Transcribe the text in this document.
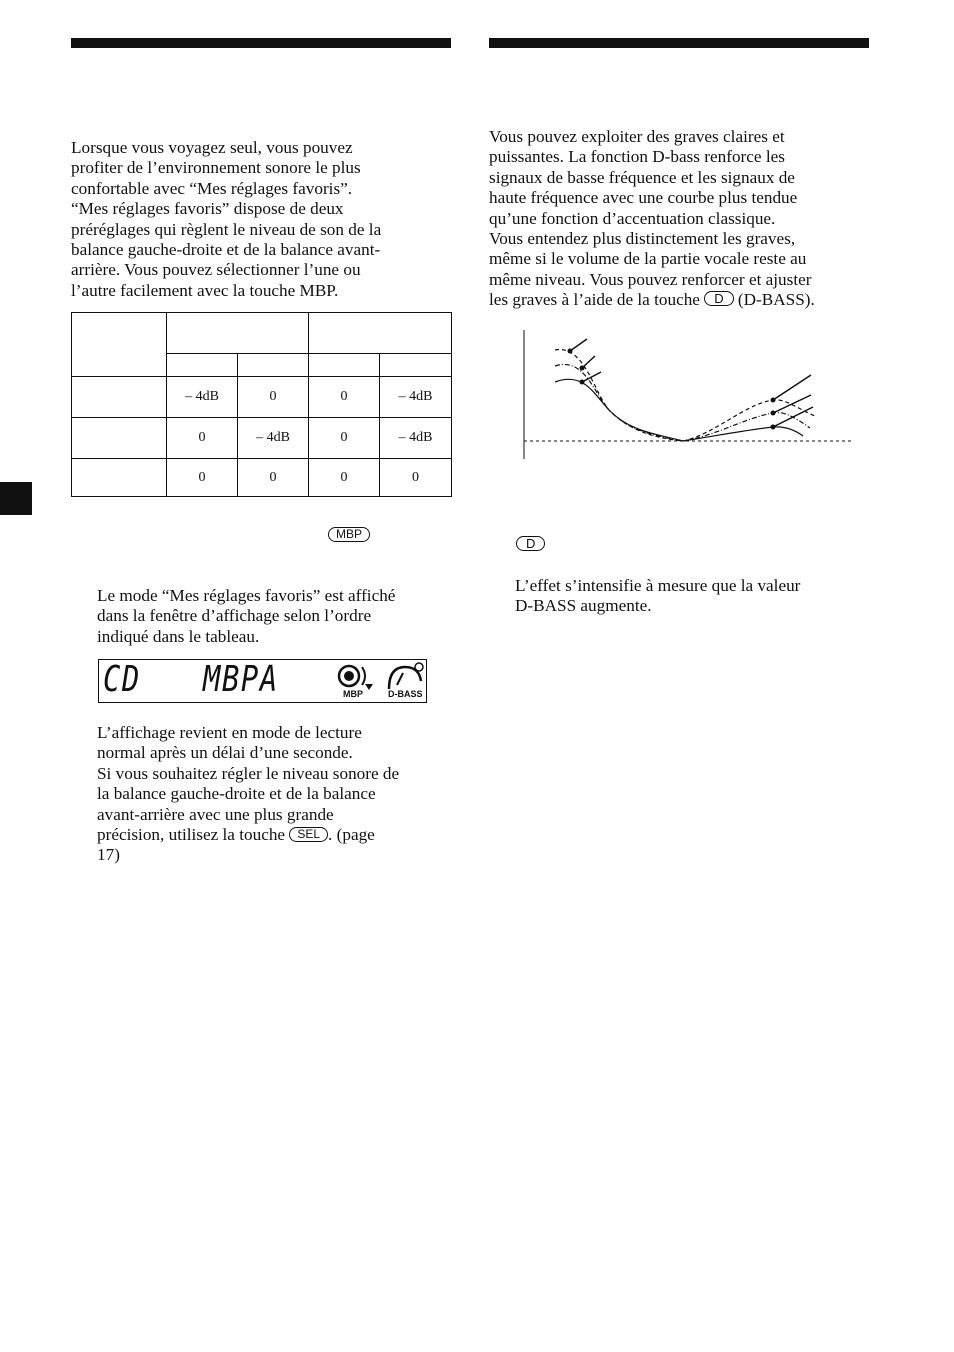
Lorsque vous voyagez seul, vous pouvez
profiter de l’environnement sonore le plus
confortable avec “Mes réglages favoris”.
“Mes réglages favoris” dispose de deux
préréglages qui règlent le niveau de son de la
balance gauche-droite et de la balance avant-
arrière. Vous pouvez sélectionner l’une ou
l’autre facilement avec la touche MBP.

	– 4dB	0	0	– 4dB
	0	– 4dB	0	– 4dB
	0	0	0	0
MBP
Le mode “Mes réglages favoris” est affiché
dans la fenêtre d’affichage selon l’ordre
indiqué dans le tableau.
CD MBPA	MBP	D-BASS
L’affichage revient en mode de lecture
normal après un délai d’une seconde.
Si vous souhaitez régler le niveau sonore de
la balance gauche-droite et de la balance
avant-arrière avec une plus grande
précision, utilisez la touche SEL . (page
17)
Vous pouvez exploiter des graves claires et
puissantes. La fonction D-bass renforce les
signaux de basse fréquence et les signaux de
haute fréquence avec une courbe plus tendue
qu’une fonction d’accentuation classique.
Vous entendez plus distinctement les graves,
même si le volume de la partie vocale reste au
même niveau. Vous pouvez renforcer et ajuster
les graves à l’aide de la touche D (D-BASS).
D
L’effet s’intensifie à mesure que la valeur
D-BASS augmente.
